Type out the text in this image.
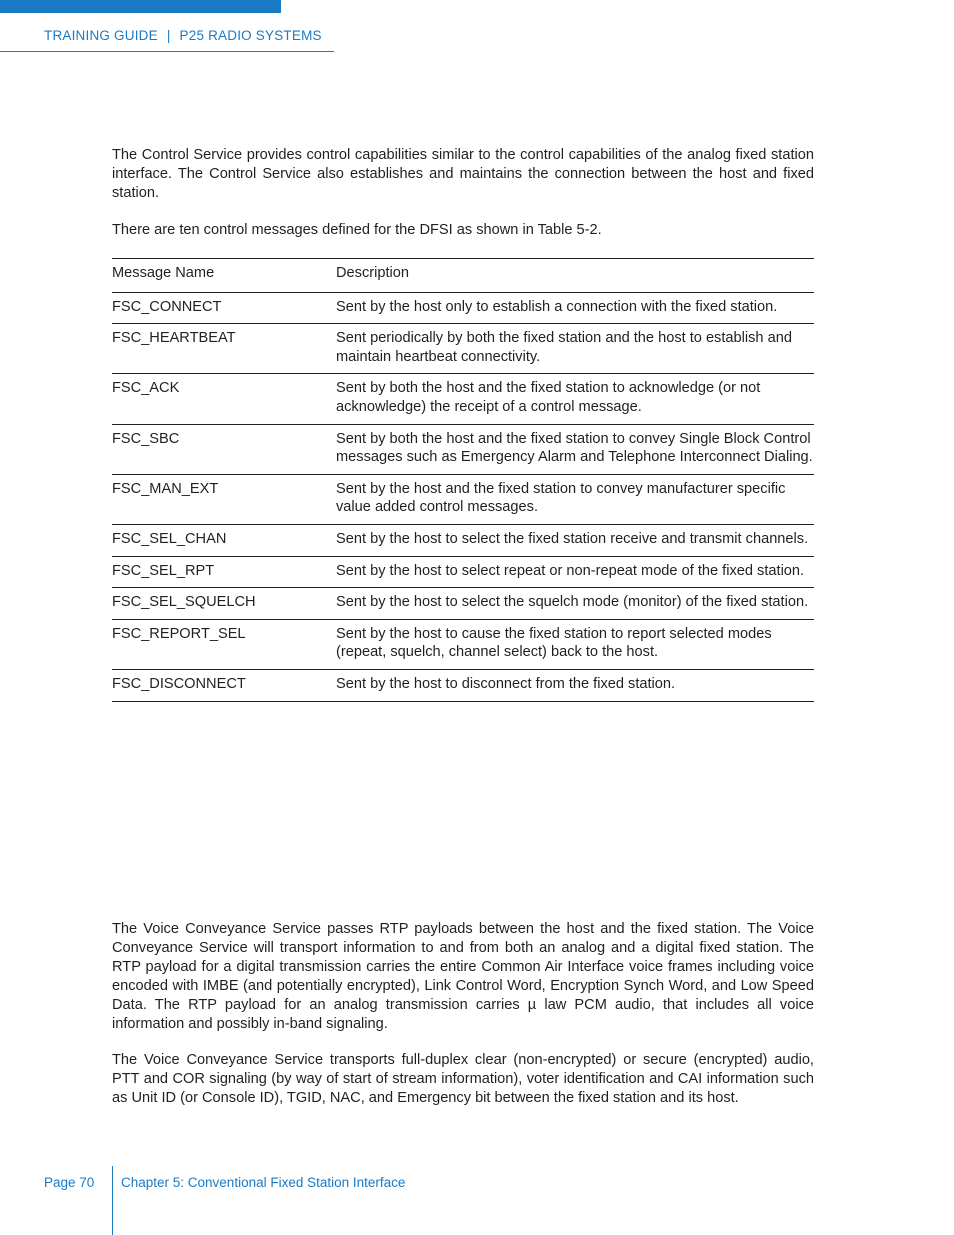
TRAINING GUIDE | P25 RADIO SYSTEMS

The Control Service provides control capabilities similar to the control capabilities of the analog fixed station interface. The Control Service also establishes and maintains the connection between the host and fixed station.

There are ten control messages defined for the DFSI as shown in Table 5-2.

Message Name	Description
FSC_CONNECT	Sent by the host only to establish a connection with the fixed station.
FSC_HEARTBEAT	Sent periodically by both the fixed station and the host to establish and maintain heartbeat connectivity.
FSC_ACK	Sent by both the host and the fixed station to acknowledge (or not acknowledge) the receipt of a control message.
FSC_SBC	Sent by both the host and the fixed station to convey Single Block Control messages such as Emergency Alarm and Telephone Interconnect Dialing.
FSC_MAN_EXT	Sent by the host and the fixed station to convey manufacturer specific value added control messages.
FSC_SEL_CHAN	Sent by the host to select the fixed station receive and transmit channels.
FSC_SEL_RPT	Sent by the host to select repeat or non-repeat mode of the fixed station.
FSC_SEL_SQUELCH	Sent by the host to select the squelch mode (monitor) of the fixed station.
FSC_REPORT_SEL	Sent by the host to cause the fixed station to report selected modes (repeat, squelch, channel select) back to the host.
FSC_DISCONNECT	Sent by the host to disconnect from the fixed station.

The Voice Conveyance Service passes RTP payloads between the host and the fixed station. The Voice Conveyance Service will transport information to and from both an analog and a digital fixed station. The RTP payload for a digital transmission carries the entire Common Air Interface voice frames including voice encoded with IMBE (and potentially encrypted), Link Control Word, Encryption Synch Word, and Low Speed Data. The RTP payload for an analog transmission carries µ law PCM audio, that includes all voice information and possibly in-band signaling.

The Voice Conveyance Service transports full-duplex clear (non-encrypted) or secure (encrypted) audio, PTT and COR signaling (by way of start of stream information), voter identification and CAI information such as Unit ID (or Console ID), TGID, NAC, and Emergency bit between the fixed station and its host.

Page 70 Chapter 5: Conventional Fixed Station Interface
